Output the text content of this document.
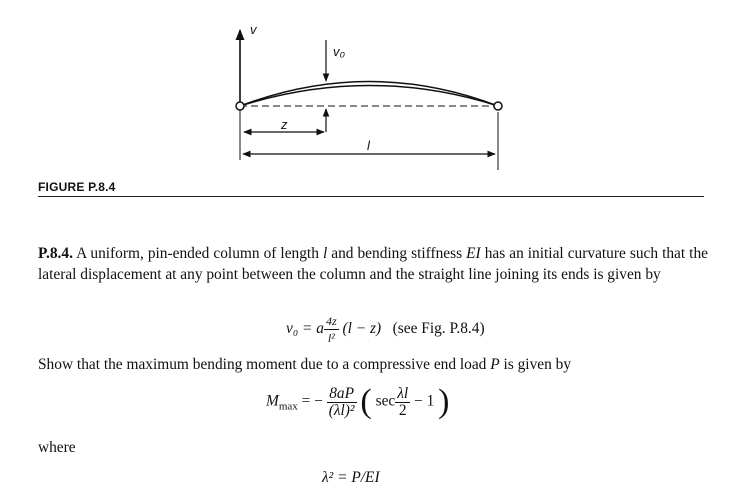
v
v₀
z
l
FIGURE P.8.4
P.8.4. A uniform, pin-ended column of length l and bending stiffness EI has an initial curvature such that the lateral displacement at any point between the column and the straight line joining its ends is given by
v₀ = a $\frac{4z}{\text{l²}} (l - z)$ (see Fig. P.8.4)
Show that the maximum bending moment due to a compressive end load P is given by
$M_{max}$ = − $\frac{8aP}{\text{(λl)²}}$ ( $\sec \frac{\lambda l}{2} - 1$ )
where
λ² = P/EI
